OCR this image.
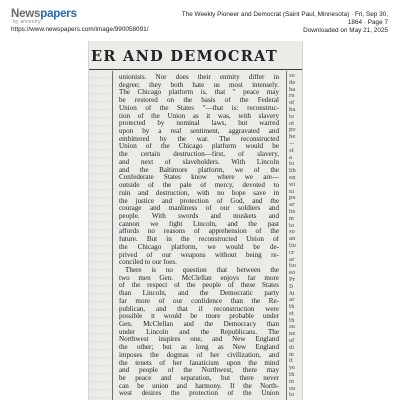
Newspapers
by ancestry
https://www.newspapers.com/image/990058091/
The Weekly Pioneer and Democrat (Saint Paul, Minnesota) · Fri, Sep 30,
1864 · Page 7
Downloaded on May 21, 2025
ER AND DEMOCRAT
so
de
ha
re
of
ha
te
ot
po
be
—
st
a
to
lib
en
wi
ni
pu
ar
lie
m
to
so
an
tio
cr
ar
tio
eo
Pr
D
Ai
ar
th
st
th
su
ne
of
di
m
it
ye
th
in
ou
to
unionists. Nor does their enmity differ in
degree; they both hate us most intensely.
The Chicago platform is, that " peace may
be restored on the basis of the Federal
Union of the States "—that is: reconstruc-
tion of the Union as it was, with slavery
protected by nominal laws, but warred
upon by a real sentiment, aggravated and
embittered by the war. The reconstructed
Union of the Chicago platform would be
the certain destruction—first, of slavery,
and next of slaveholders. With Lincoln
and the Baltimore platform, we of the
Confederate States know where we are—
outside of the pale of mercy, devoted to
ruin and destruction, with no hope save in
the justice and protection of God, and the
courage and manliness of our soldiers and
people. With swords and muskets and
cannon we fight Lincoln, and the past
affords no reasons of apprehension of the
future. But in the reconstructed Union of
the Chicago platform, we would be de-
prived of our weapons without being re-
conciled to our foes.
There is no question that between the
two men Gen. McClellan enjoys far more
of the respect of the people of these States
than Lincoln, and the Democratic party
far more of our confidence than the Re-
publican, and that if reconstruction were
possible it would be more probable under
Gen. McClellan and the Democracy than
under Lincoln and the Republicans. The
Northwest inspires one, and New England
the other; but as long as New England
imposes the dogmas of her civilization, and
the tenets of her fanaticism upon the mind
and people of the Northwest, there may
be peace and separation, but there never
can be union and harmony. If the North-
west desires the protection of the Union
